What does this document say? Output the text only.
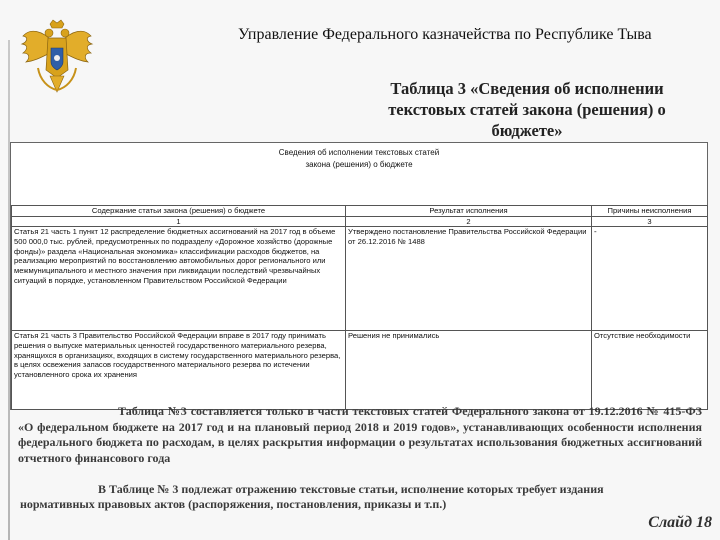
Управление Федерального казначейства по Республике Тыва
Таблица 3 «Сведения об исполнении текстовых статей закона (решения) о бюджете»
Сведения об исполнении текстовых статей
закона (решения) о бюджете
Содержание статьи закона (решения) о бюджете	Результат исполнения	Причины неисполнения
1	2	3
Статья 21 часть 1 пункт 12 распределение бюджетных ассигнований на 2017 год в объеме 500 000,0 тыс. рублей, предусмотренных по подразделу «Дорожное хозяйство (дорожные фонды)» раздела «Национальная экономика» классификации расходов бюджетов, на реализацию мероприятий по восстановлению автомобильных дорог регионального или межмуниципального и местного значения при ликвидации последствий чрезвычайных ситуаций в порядке, установленном Правительством Российской Федерации	Утверждено постановление Правительства Российской Федерации от 26.12.2016 № 1488	-
Статья 21 часть 3 Правительство Российской Федерации вправе в 2017 году принимать решения о выпуске материальных ценностей государственного материального резерва, хранящихся в организациях, входящих в систему государственного материального резерва, в целях освежения запасов государственного материального резерва по истечении установленного срока их хранения	Решения не принимались	Отсутствие необходимости
Таблица №3 составляется только в части текстовых статей Федерального закона от 19.12.2016 № 415-ФЗ «О федеральном бюджете на 2017 год и на плановый период 2018 и 2019 годов», устанавливающих особенности исполнения федерального бюджета по расходам, в целях раскрытия информации о результатах использования бюджетных ассигнований отчетного финансового года
В Таблице № 3 подлежат отражению текстовые статьи, исполнение которых требует издания нормативных правовых актов (распоряжения, постановления, приказы и т.п.)
Слайд 18
